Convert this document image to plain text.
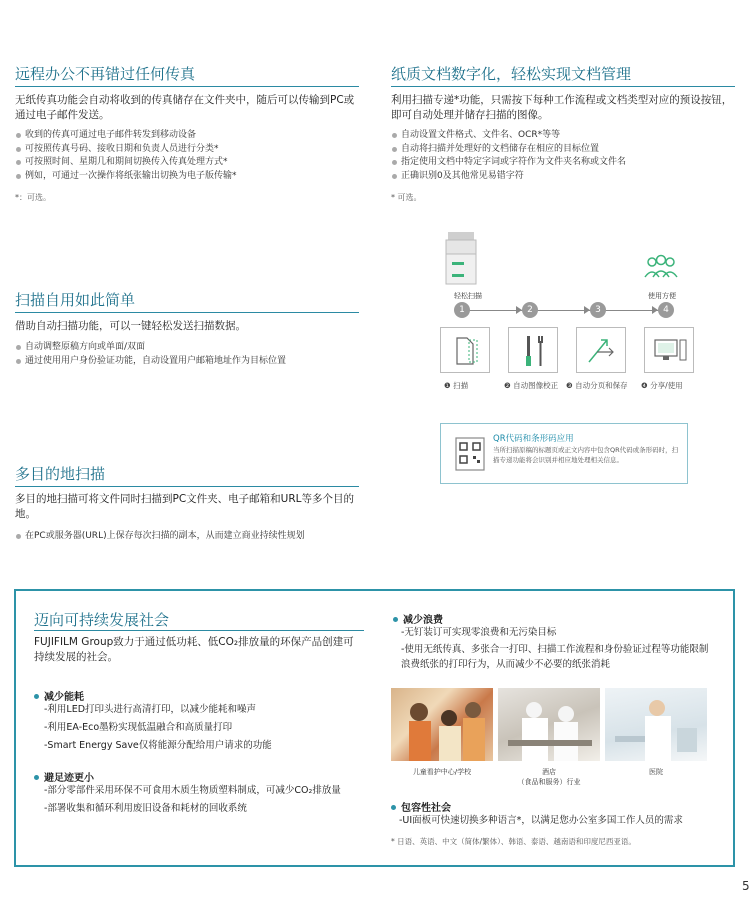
远程办公不再错过任何传真
无纸传真功能会自动将收到的传真储存在文件夹中，随后可以传输到PC或通过电子邮件发送。
收到的传真可通过电子邮件转发到移动设备
可按照传真号码、接收日期和负责人员进行分类*
可按照时间、星期几和期间切换传入传真处理方式*
例如，可通过一次操作将纸张输出切换为电子版传输*
*：可选。
扫描自用如此简单
借助自动扫描功能，可以一键轻松发送扫描数据。
自动调整原稿方向或单面/双面
通过使用用户身份验证功能，自动设置用户邮箱地址作为目标位置
多目的地扫描
多目的地扫描可将文件同时扫描到PC文件夹、电子邮箱和URL等多个目的地。
在PC或服务器(URL)上保存每次扫描的副本，从而建立商业持续性规划
纸质文档数字化，轻松实现文档管理
利用扫描专递*功能，只需按下每种工作流程或文档类型对应的预设按钮，即可自动处理并储存扫描的图像。
自动设置文件格式、文件名、OCR*等等
自动将扫描并处理好的文档储存在相应的目标位置
指定使用文档中特定字词或字符作为文件夹名称或文件名
正确识别0及其他常见易错字符
* 可选。
轻松扫描	使用方便
1	2	3	4
❶ 扫描	❷ 自动图像校正 ❸ 自动分页和保存 ❹ 分享/使用
QR代码和条形码应用
当所扫描原稿的标题页或正文内容中包含QR代码或条形码时，扫描专递功能将会识别并相应地处理相关信息。
迈向可持续发展社会
FUJIFILM Group致力于通过低功耗、低CO₂排放量的环保产品创建可持续发展的社会。
减少能耗
-利用LED打印头进行高清打印，以减少能耗和噪声
-利用EA-Eco墨粉实现低温融合和高质量打印
-Smart Energy Save仅将能源分配给用户请求的功能
避足迹更小
-部分零部件采用环保不可食用木质生物质塑料制成，可减少CO₂排放量
-部署收集和循环利用废旧设备和耗材的回收系统
减少浪费
-无钉装订可实现零浪费和无污染目标
-使用无纸传真、多张合一打印、扫描工作流程和身份验证过程等功能限制
浪费纸张的打印行为，从而减少不必要的纸张消耗
儿童看护中心/学校	酒店
（食品和服务）行业
医院
包容性社会
-UI面板可快速切换多种语言*，以满足您办公室多国工作人员的需求
* 日语、英语、中文（简体/繁体）、韩语、泰语、越南语和印度尼西亚语。
5
